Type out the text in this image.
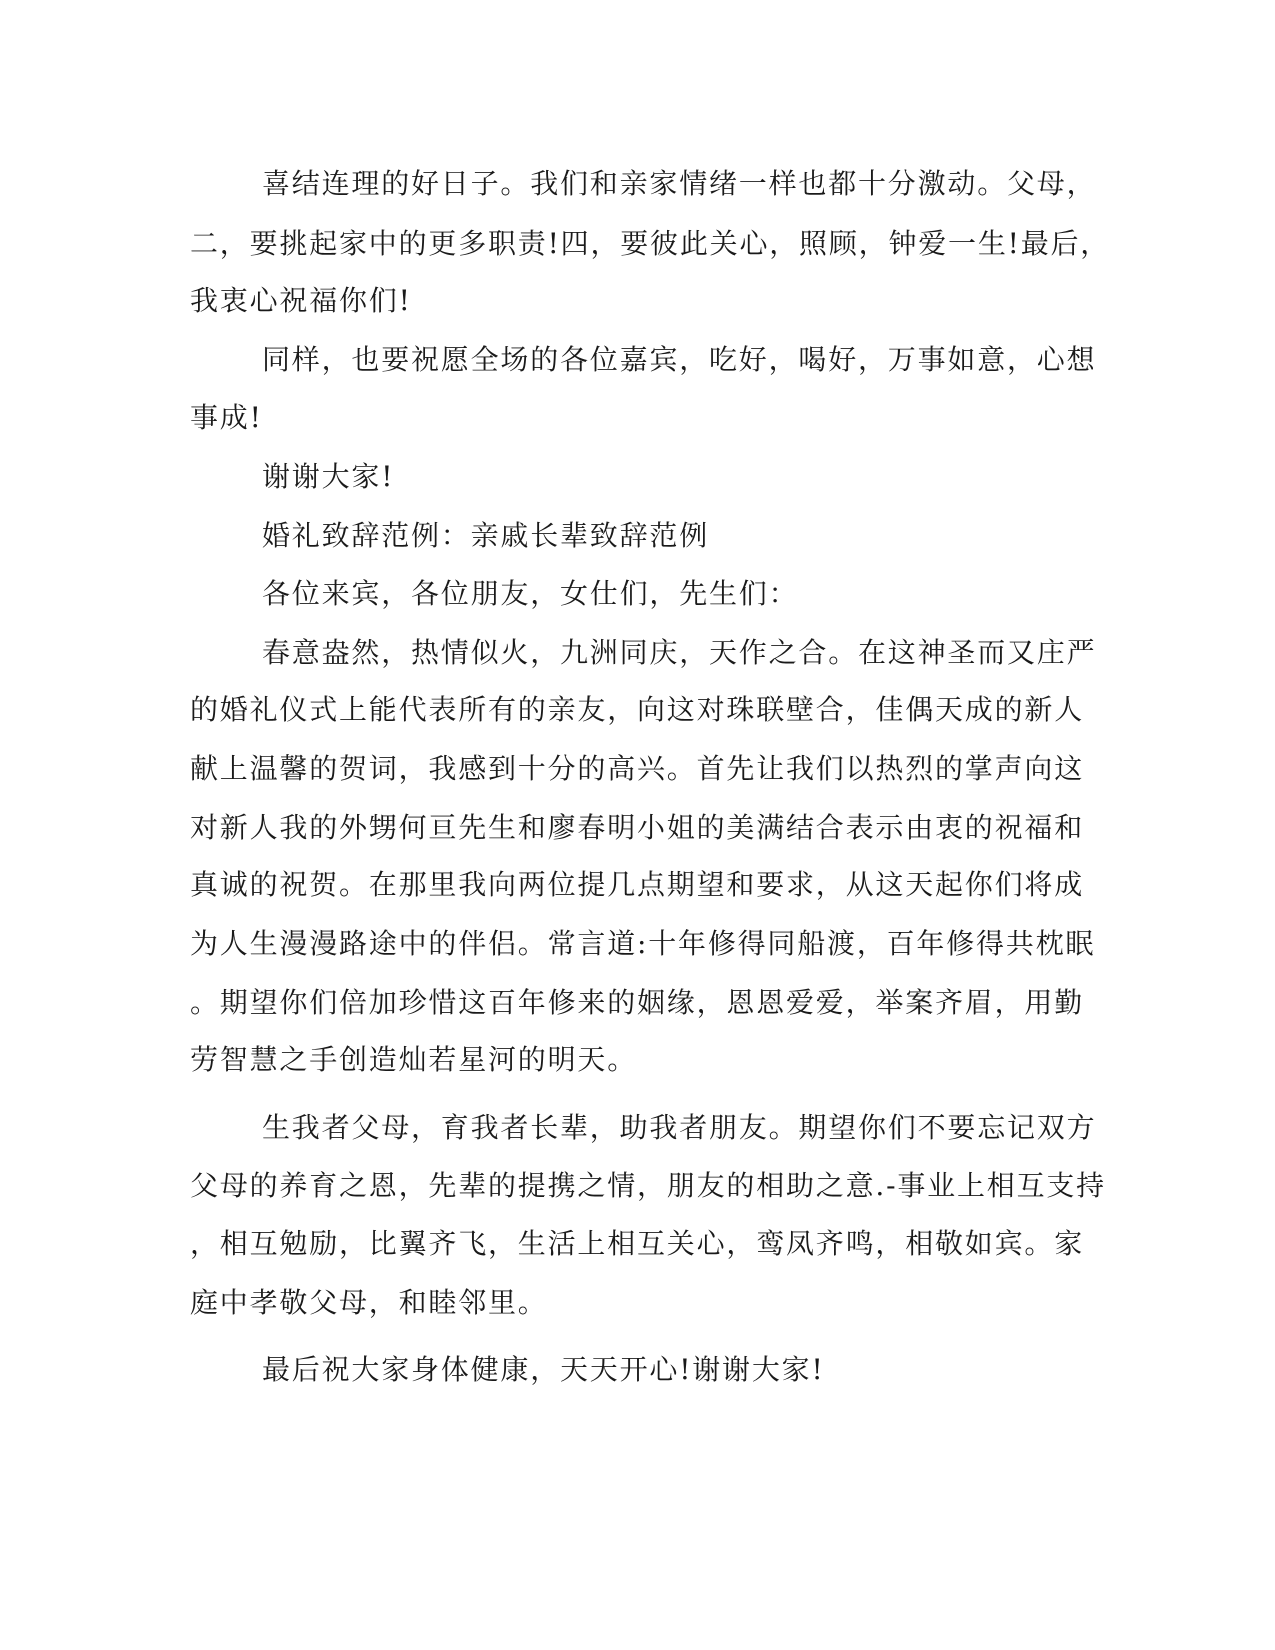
喜结连理的好日子。我们和亲家情绪一样也都十分激动。父母，
二，要挑起家中的更多职责!四，要彼此关心，照顾，钟爱一生!最后，
我衷心祝福你们!
同样，也要祝愿全场的各位嘉宾，吃好，喝好，万事如意，心想
事成!
谢谢大家!
婚礼致辞范例：亲戚长辈致辞范例
各位来宾，各位朋友，女仕们，先生们：
春意盎然，热情似火，九洲同庆，天作之合。在这神圣而又庄严
的婚礼仪式上能代表所有的亲友，向这对珠联壁合，佳偶天成的新人
献上温馨的贺词，我感到十分的高兴。首先让我们以热烈的掌声向这
对新人我的外甥何亘先生和廖春明小姐的美满结合表示由衷的祝福和
真诚的祝贺。在那里我向两位提几点期望和要求，从这天起你们将成
为人生漫漫路途中的伴侣。常言道:十年修得同船渡，百年修得共枕眠
。期望你们倍加珍惜这百年修来的姻缘，恩恩爱爱，举案齐眉，用勤
劳智慧之手创造灿若星河的明天。
生我者父母，育我者长辈，助我者朋友。期望你们不要忘记双方
父母的养育之恩，先辈的提携之情，朋友的相助之意.-事业上相互支持
，相互勉励，比翼齐飞，生活上相互关心，鸾凤齐鸣，相敬如宾。家
庭中孝敬父母，和睦邻里。
最后祝大家身体健康，天天开心!谢谢大家!
